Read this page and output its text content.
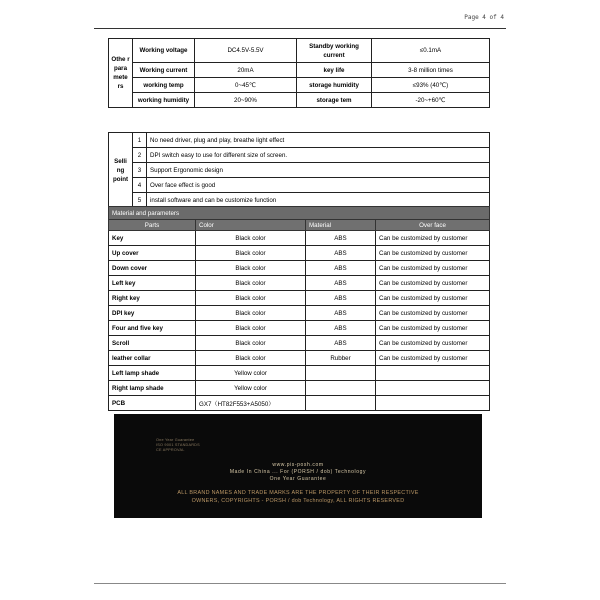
Page 4 of 4
Othe r para mete rs	Working voltage	DC4.5V-5.5V	Standby working current	≤0.1mA
	Working current	20mA	key life	3-8 million times
	working temp	0~45℃	storage humidity	≤93% (40℃)
	working humidity	20~90%	storage tem	-20~+60℃
Selli ng point	1	No need driver, plug and play, breathe light effect
	2	DPI switch easy to use for different size of screen.
	3	Support Ergonomic design
	4	Over face effect is good
	5	install software and can be customize function
Material and parameters			
Parts	Color	Material	Over face
Key	Black color	ABS	Can be customized by customer
Up cover	Black color	ABS	Can be customized by customer
Down cover	Black color	ABS	Can be customized by customer
Left key	Black color	ABS	Can be customized by customer
Right key	Black color	ABS	Can be customized by customer
DPI key	Black color	ABS	Can be customized by customer
Four and five key	Black color	ABS	Can be customized by customer
Scroll	Black color	ABS	Can be customized by customer
leather collar	Black color	Rubber	Can be customized by customer
Left lamp shade	Yellow color		
Right lamp shade	Yellow color		
PCB	GX7（HT82F553+A5050）		
One Year Guarantee
ISO 9001 STANDARDS
CE APPROVAL
www.pis-posh.com
Made In China ... For (PORSH / dob) Technology
One Year Guarantee
ALL BRAND NAMES AND TRADE MARKS ARE THE PROPERTY OF THEIR RESPECTIVE
OWNERS, COPYRIGHTS - PORSH / dob Technology, ALL RIGHTS RESERVED
